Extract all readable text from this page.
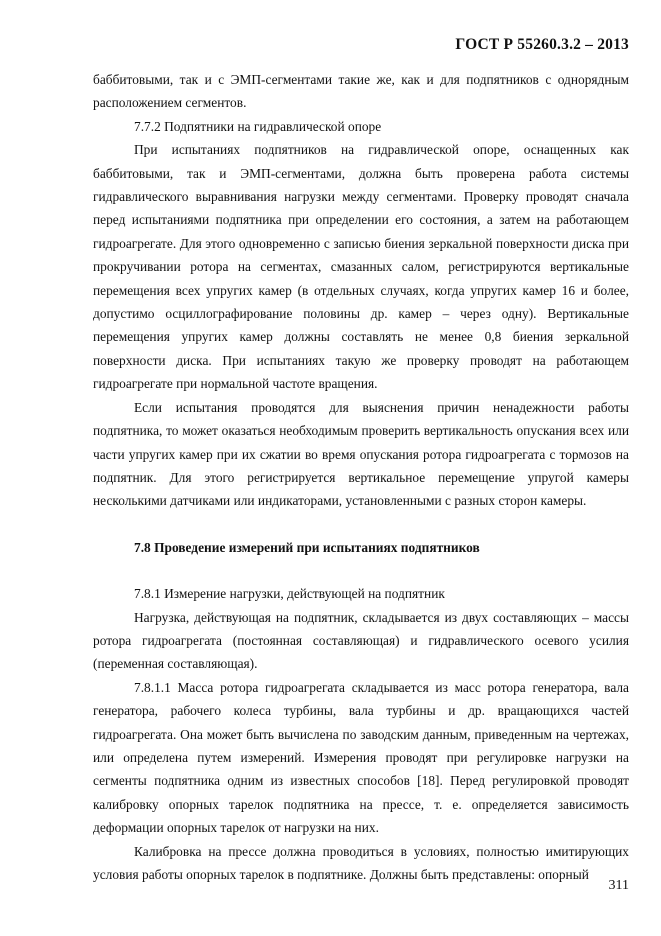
ГОСТ Р 55260.3.2 – 2013

баббитовыми, так и с ЭМП-сегментами такие же, как и для подпятников с однорядным расположением сегментов.

7.7.2 Подпятники на гидравлической опоре

При испытаниях подпятников на гидравлической опоре, оснащенных как баббитовыми, так и ЭМП-сегментами, должна быть проверена работа системы гидравлического выравнивания нагрузки между сегментами. Проверку проводят сначала перед испытаниями подпятника при определении его состояния, а затем на работающем гидроагрегате. Для этого одновременно с записью биения зеркальной поверхности диска при прокручивании ротора на сегментах, смазанных салом, регистрируются вертикальные перемещения всех упругих камер (в отдельных случаях, когда упругих камер 16 и более, допустимо осциллографирование половины др. камер – через одну). Вертикальные перемещения упругих камер должны составлять не менее 0,8 биения зеркальной поверхности диска. При испытаниях такую же проверку проводят на работающем гидроагрегате при нормальной частоте вращения.

Если испытания проводятся для выяснения причин ненадежности работы подпятника, то может оказаться необходимым проверить вертикальность опускания всех или части упругих камер при их сжатии во время опускания ротора гидроагрегата с тормозов на подпятник. Для этого регистрируется вертикальное перемещение упругой камеры несколькими датчиками или индикаторами, установленными с разных сторон камеры.

7.8 Проведение измерений при испытаниях подпятников

7.8.1 Измерение нагрузки, действующей на подпятник

Нагрузка, действующая на подпятник, складывается из двух составляющих – массы ротора гидроагрегата (постоянная составляющая) и гидравлического осевого усилия (переменная составляющая).

7.8.1.1 Масса ротора гидроагрегата складывается из масс ротора генератора, вала генератора, рабочего колеса турбины, вала турбины и др. вращающихся частей гидроагрегата. Она может быть вычислена по заводским данным, приведенным на чертежах, или определена путем измерений. Измерения проводят при регулировке нагрузки на сегменты подпятника одним из известных способов [18]. Перед регулировкой проводят калибровку опорных тарелок подпятника на прессе, т. е. определяется зависимость деформации опорных тарелок от нагрузки на них.

Калибровка на прессе должна проводиться в условиях, полностью имитирующих условия работы опорных тарелок в подпятнике. Должны быть представлены: опорный

311
